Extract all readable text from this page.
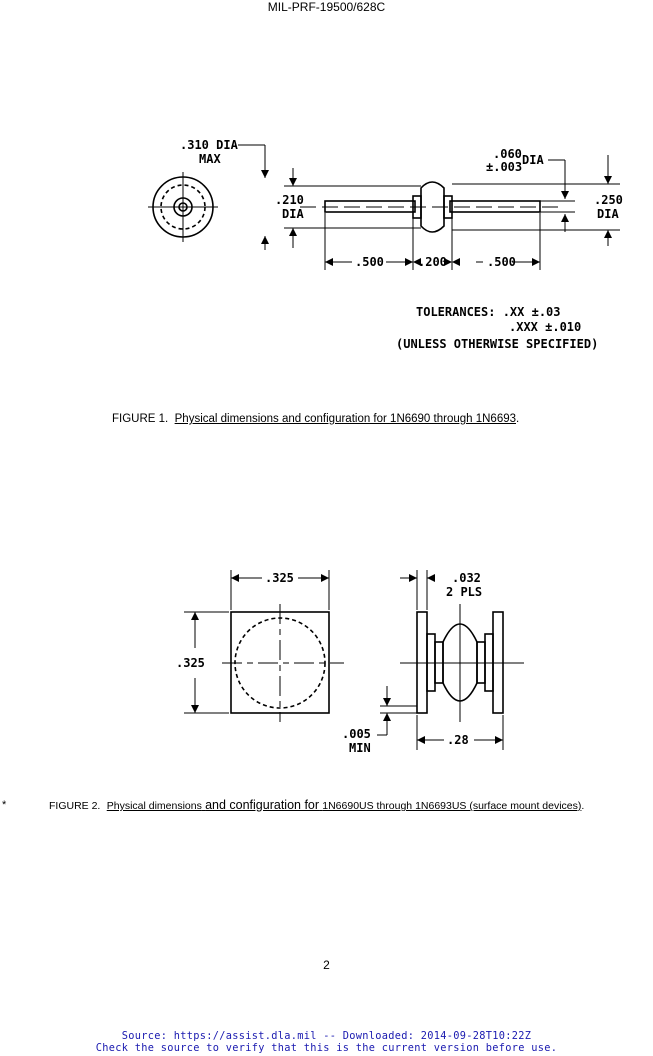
MIL-PRF-19500/628C
.310 DIA
MAX	.060
±.003 DIA
.210
DIA
.250
DIA
.500	.200	.500
TOLERANCES: .XX ±.03
.XXX ±.010
(UNLESS OTHERWISE SPECIFIED)
FIGURE 1. Physical dimensions and configuration for 1N6690 through 1N6693.
.325
.325
.032
2 PLS
.005
MIN
.28
*	FIGURE 2. Physical dimensions and configuration for 1N6690US through 1N6693US (surface mount devices).
2
Source: https://assist.dla.mil -- Downloaded: 2014-09-28T10:22Z
Check the source to verify that this is the current version before use.
